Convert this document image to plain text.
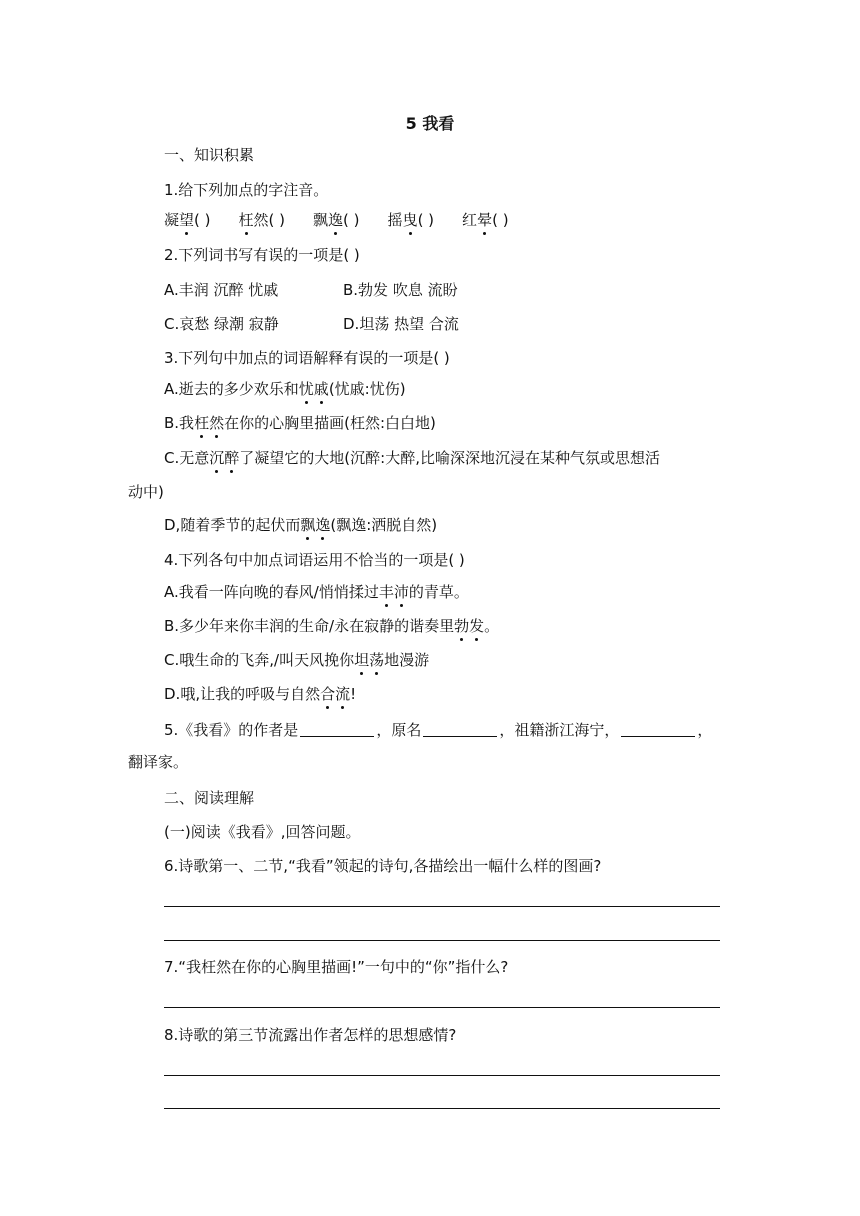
5 我看
一、知识积累
1.给下列加点的字注音。
凝望( ) 枉然( ) 飘逸( ) 摇曳( ) 红晕( )
2.下列词书写有误的一项是( )
A.丰润 沉醉 忧戚	B.勃发 吹息 流盼
C.哀愁 绿潮 寂静	D.坦荡 热望 合流
3.下列句中加点的词语解释有误的一项是( )
A.逝去的多少欢乐和忧戚(忧戚:忧伤)
B.我枉然在你的心胸里描画(枉然:白白地)
C.无意沉醉了凝望它的大地(沉醉:大醉,比喻深深地沉浸在某种气氛或思想活
动中)
D,随着季节的起伏而飘逸(飘逸:洒脱自然)
4.下列各句中加点词语运用不恰当的一项是( )
A.我看一阵向晚的春风/悄悄揉过丰沛的青草。
B.多少年来你丰润的生命/永在寂静的谐奏里勃发。
C.哦生命的飞奔,/叫天风挽你坦荡地漫游
D.哦,让我的呼吸与自然合流!
5.《我看》的作者是	，原名	，祖籍浙江海宁，	，
翻译家。
二、阅读理解
(一)阅读《我看》,回答问题。
6.诗歌第一、二节,“我看”领起的诗句,各描绘出一幅什么样的图画?
7.“我枉然在你的心胸里描画!”一句中的“你”指什么?
8.诗歌的第三节流露出作者怎样的思想感情?
